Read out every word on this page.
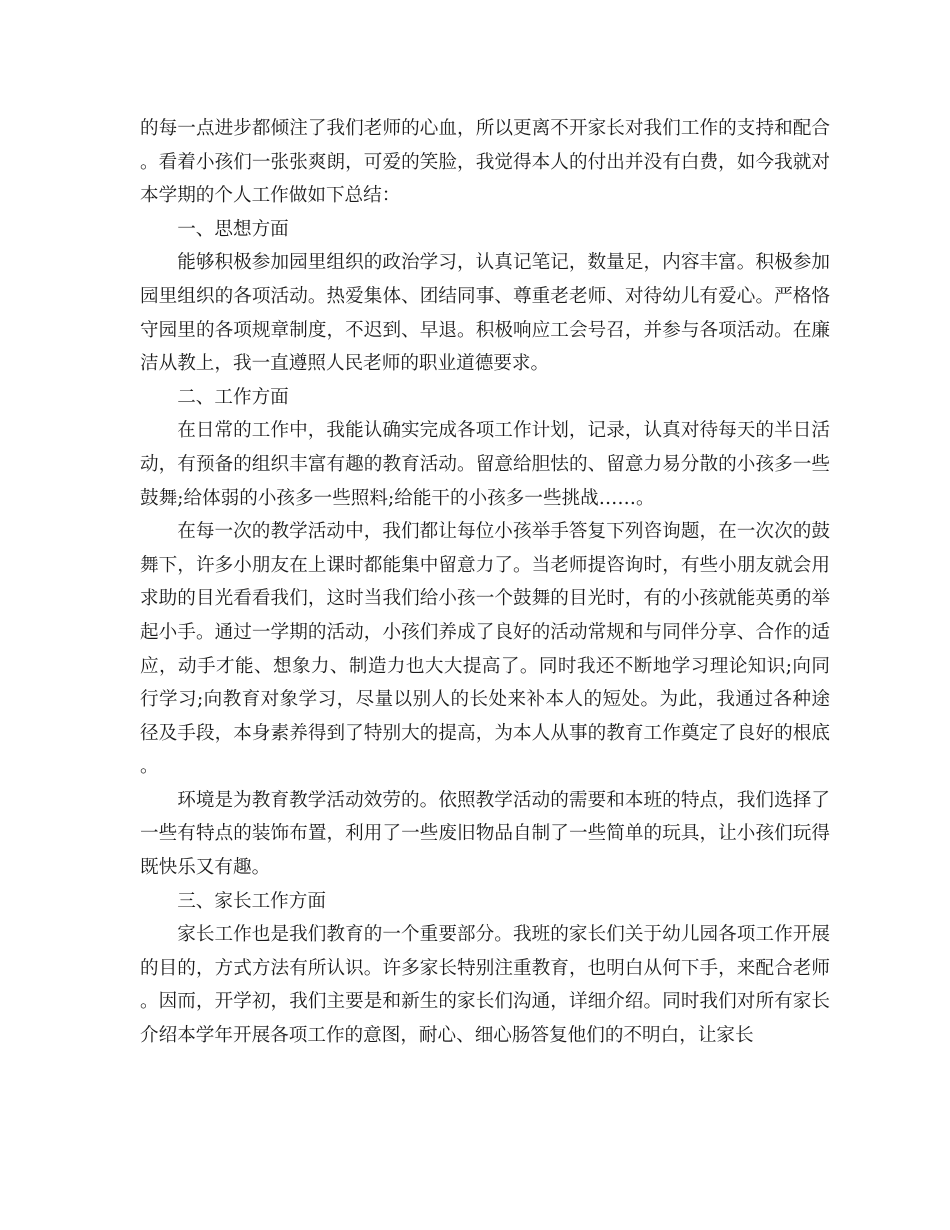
的每一点进步都倾注了我们老师的心血，所以更离不开家长对我们工作的支持和配合。看着小孩们一张张爽朗，可爱的笑脸，我觉得本人的付出并没有白费，如今我就对本学期的个人工作做如下总结：

一、思想方面

能够积极参加园里组织的政治学习，认真记笔记，数量足，内容丰富。积极参加园里组织的各项活动。热爱集体、团结同事、尊重老老师、对待幼儿有爱心。严格恪守园里的各项规章制度，不迟到、早退。积极响应工会号召，并参与各项活动。在廉洁从教上，我一直遵照人民老师的职业道德要求。

二、工作方面

在日常的工作中，我能认确实完成各项工作计划，记录，认真对待每天的半日活动，有预备的组织丰富有趣的教育活动。留意给胆怯的、留意力易分散的小孩多一些鼓舞;给体弱的小孩多一些照料;给能干的小孩多一些挑战……。

在每一次的教学活动中，我们都让每位小孩举手答复下列咨询题，在一次次的鼓舞下，许多小朋友在上课时都能集中留意力了。当老师提咨询时，有些小朋友就会用求助的目光看看我们，这时当我们给小孩一个鼓舞的目光时，有的小孩就能英勇的举起小手。通过一学期的活动，小孩们养成了良好的活动常规和与同伴分享、合作的适应，动手才能、想象力、制造力也大大提高了。同时我还不断地学习理论知识;向同行学习;向教育对象学习，尽量以别人的长处来补本人的短处。为此，我通过各种途径及手段，本身素养得到了特别大的提高，为本人从事的教育工作奠定了良好的根底。

环境是为教育教学活动效劳的。依照教学活动的需要和本班的特点，我们选择了一些有特点的装饰布置，利用了一些废旧物品自制了一些简单的玩具，让小孩们玩得既快乐又有趣。

三、家长工作方面

家长工作也是我们教育的一个重要部分。我班的家长们关于幼儿园各项工作开展的目的，方式方法有所认识。许多家长特别注重教育，也明白从何下手，来配合老师。因而，开学初，我们主要是和新生的家长们沟通，详细介绍。同时我们对所有家长介绍本学年开展各项工作的意图，耐心、细心肠答复他们的不明白，让家长
